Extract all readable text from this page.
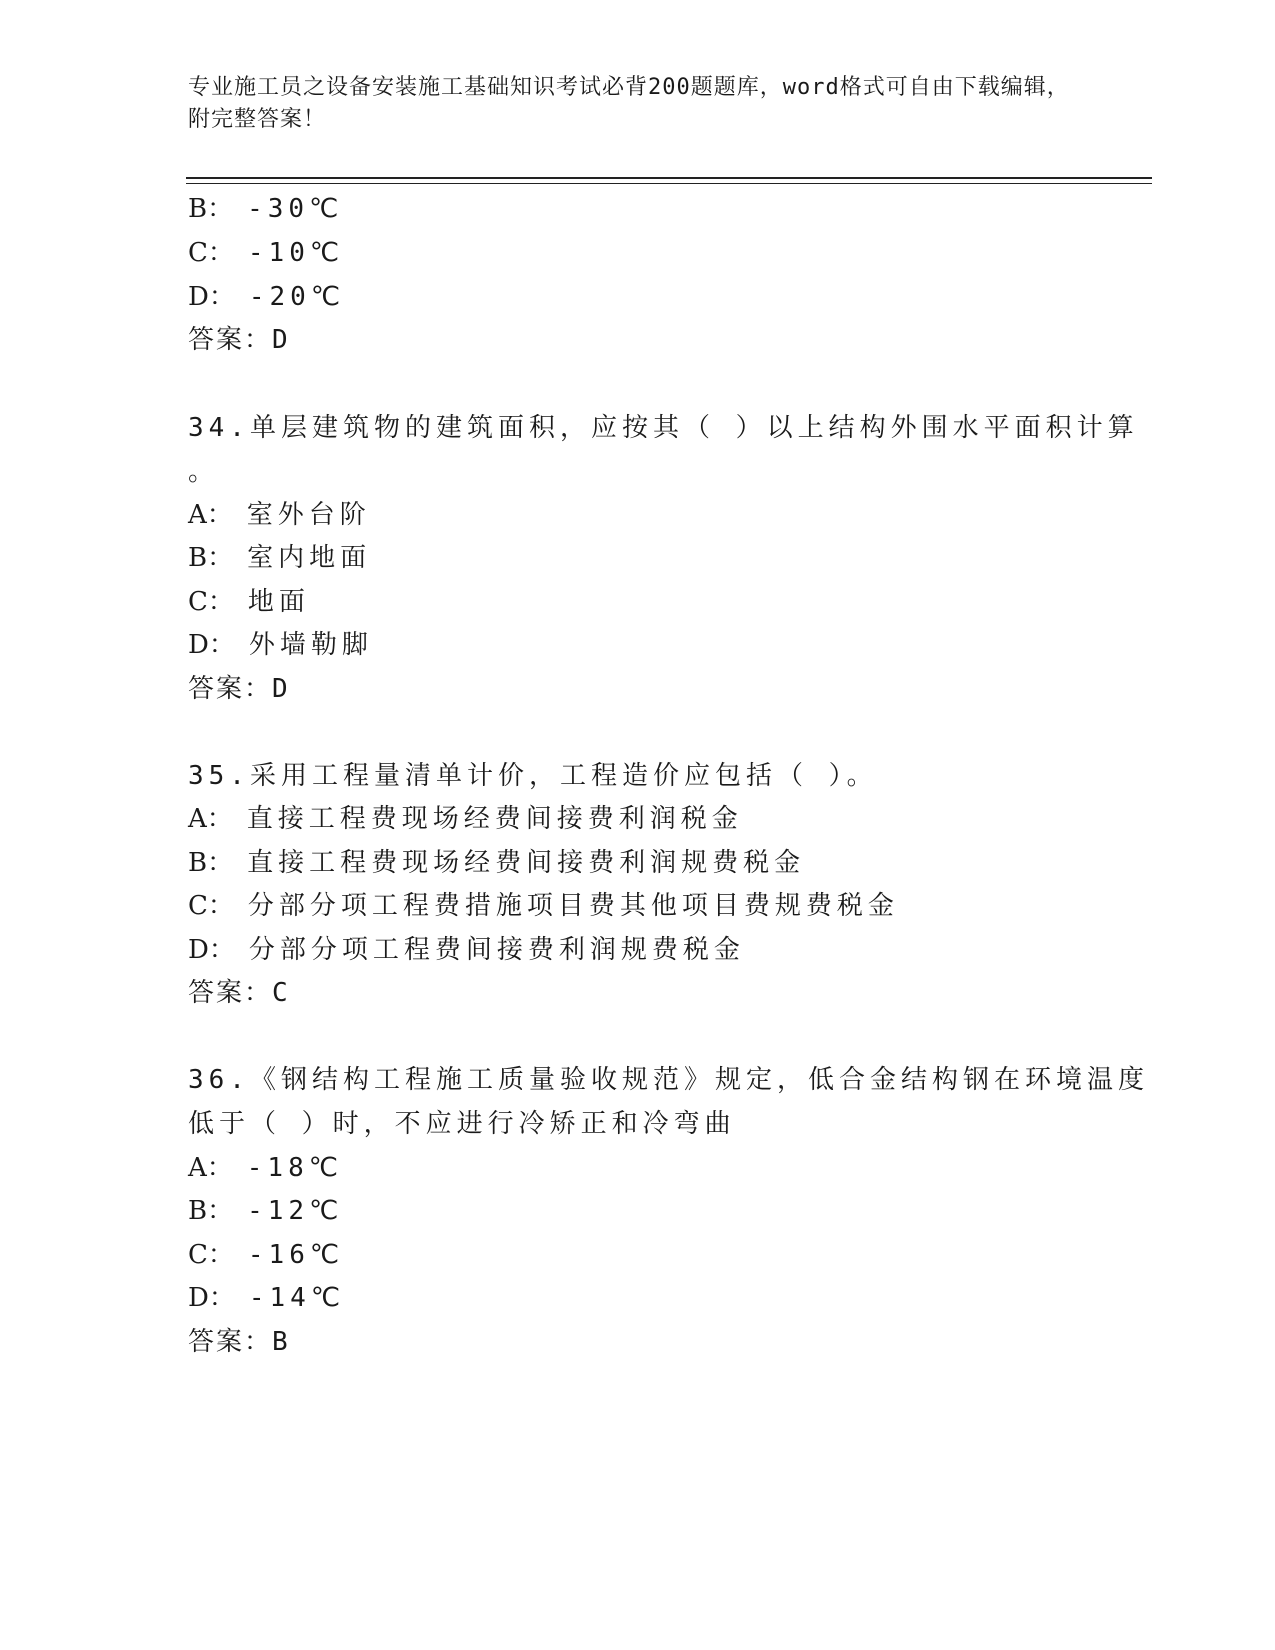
专业施工员之设备安装施工基础知识考试必背200题题库，word格式可自由下载编辑，附完整答案！
B： -30℃
C： -10℃
D： -20℃
答案：D
34.单层建筑物的建筑面积，应按其（ ）以上结构外围水平面积计算
。
A： 室外台阶
B： 室内地面
C： 地面
D： 外墙勒脚
答案：D
35.采用工程量清单计价，工程造价应包括（ ）。
A： 直接工程费现场经费间接费利润税金
B： 直接工程费现场经费间接费利润规费税金
C： 分部分项工程费措施项目费其他项目费规费税金
D： 分部分项工程费间接费利润规费税金
答案：C
36.《钢结构工程施工质量验收规范》规定，低合金结构钢在环境温度
低于（ ）时，不应进行冷矫正和冷弯曲
A： -18℃
B： -12℃
C： -16℃
D： -14℃
答案：B
